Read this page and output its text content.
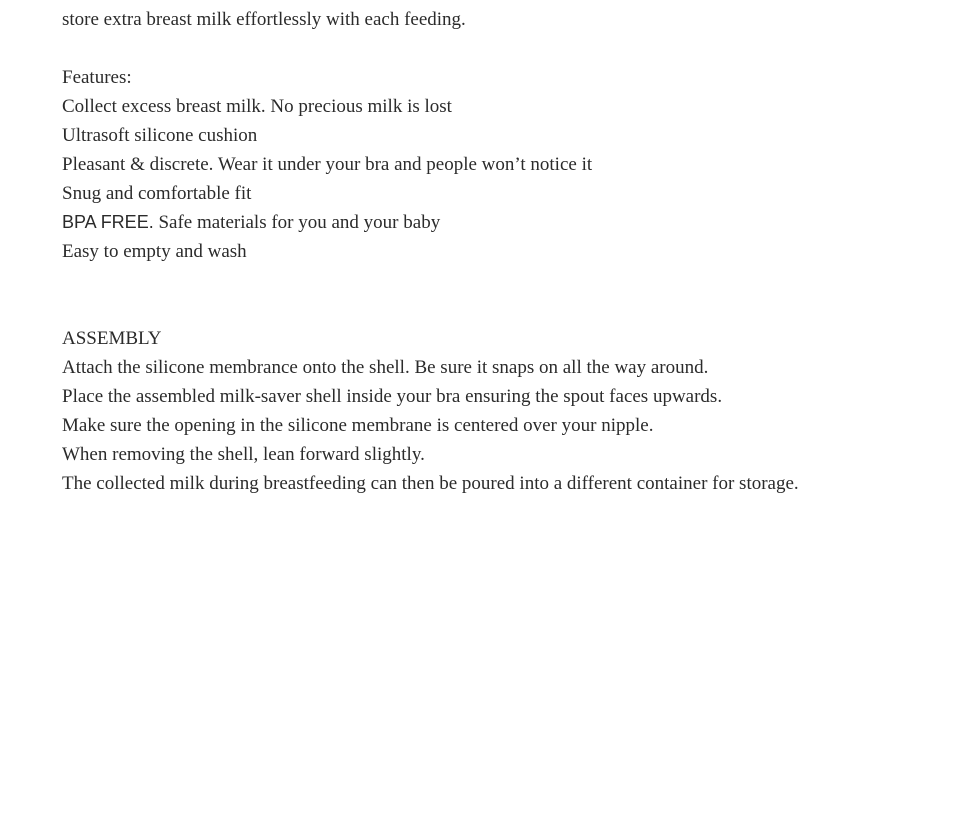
store extra breast milk effortlessly with each feeding.
Features:
Collect excess breast milk. No precious milk is lost
Ultrasoft silicone cushion
Pleasant & discrete. Wear it under your bra and people won’t notice it
Snug and comfortable fit
BPA FREE. Safe materials for you and your baby
Easy to empty and wash
ASSEMBLY
Attach the silicone membrance onto the shell. Be sure it snaps on all the way around.
Place the assembled milk-saver shell inside your bra ensuring the spout faces upwards.
Make sure the opening in the silicone membrane is centered over your nipple.
When removing the shell, lean forward slightly.
The collected milk during breastfeeding can then be poured into a different container for storage.
